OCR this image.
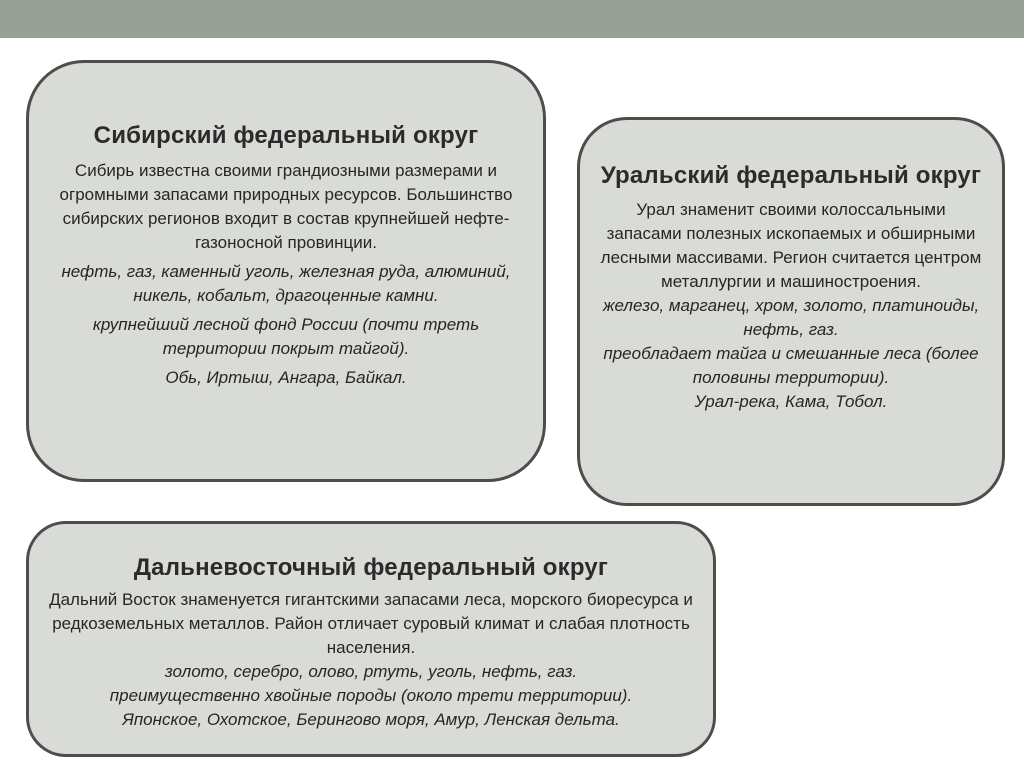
Сибирский федеральный округ

Сибирь известна своими грандиозными размерами и огромными запасами природных ресурсов. Большинство сибирских регионов входит в состав крупнейшей нефте-газоносной провинции.

нефть, газ, каменный уголь, железная руда, алюминий, никель, кобальт, драгоценные камни.

крупнейший лесной фонд России (почти треть территории покрыт тайгой).

Обь, Иртыш, Ангара, Байкал.

Уральский федеральный округ

Урал знаменит своими колоссальными запасами полезных ископаемых и обширными лесными массивами. Регион считается центром металлургии и машиностроения.

железо, марганец, хром, золото, платиноиды, нефть, газ.

преобладает тайга и смешанные леса (более половины территории).

Урал-река, Кама, Тобол.

Дальневосточный федеральный округ

Дальний Восток знаменуется гигантскими запасами леса, морского биоресурса и редкоземельных металлов. Район отличает суровый климат и слабая плотность населения.

золото, серебро, олово, ртуть, уголь, нефть, газ.

преимущественно хвойные породы (около трети территории).

Японское, Охотское, Берингово моря, Амур, Ленская дельта.
